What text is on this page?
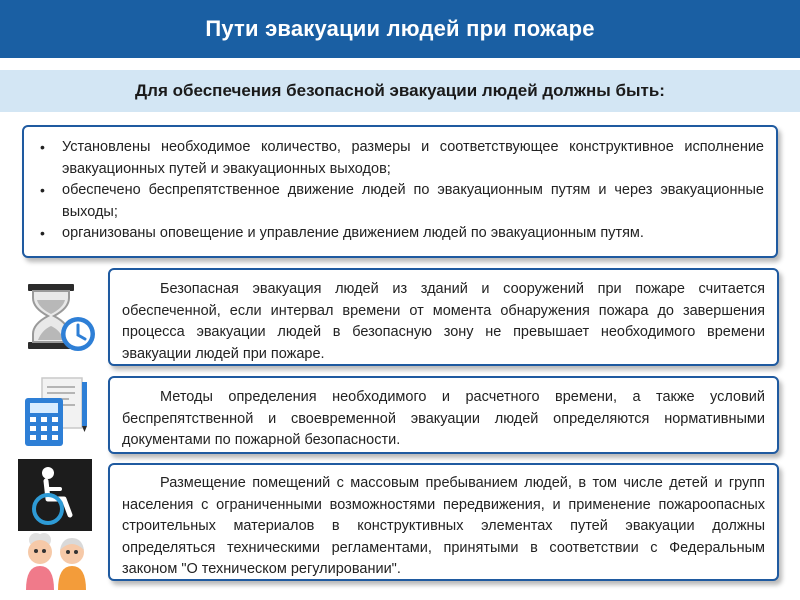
Пути эвакуации людей при пожаре
Для обеспечения безопасной эвакуации людей должны быть:
• Установлены необходимое количество, размеры и соответствующее конструктивное исполнение эвакуационных путей и эвакуационных выходов;
• обеспечено беспрепятственное движение людей по эвакуационным путям и через эвакуационные выходы;
• организованы оповещение и управление движением людей по эвакуационным путям.
Безопасная эвакуация людей из зданий и сооружений при пожаре считается обеспеченной, если интервал времени от момента обнаружения пожара до завершения процесса эвакуации людей в безопасную зону не превышает необходимого времени эвакуации людей при пожаре.
Методы определения необходимого и расчетного времени, а также условий беспрепятственной и своевременной эвакуации людей определяются нормативными документами по пожарной безопасности.
Размещение помещений с массовым пребыванием людей, в том числе детей и групп населения с ограниченными возможностями передвижения, и применение пожароопасных строительных материалов в конструктивных элементах путей эвакуации должны определяться техническими регламентами, принятыми в соответствии с Федеральным законом "О техническом регулировании".
